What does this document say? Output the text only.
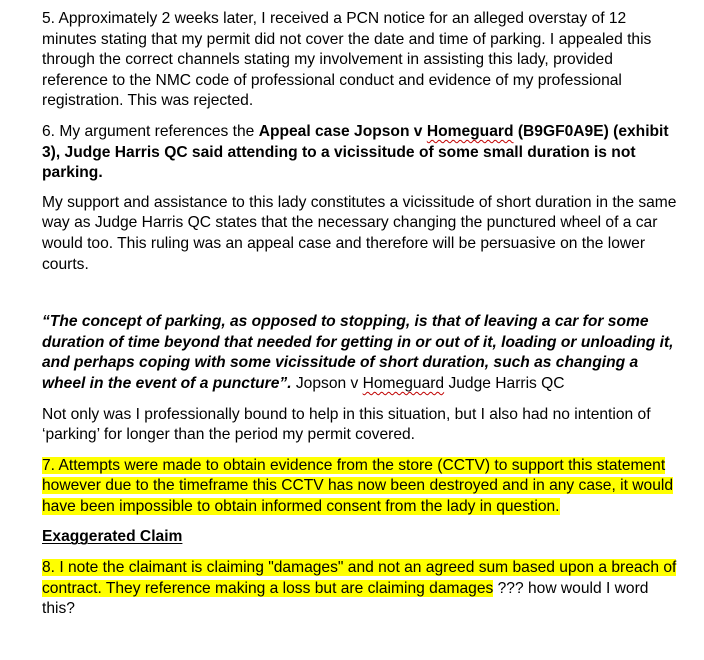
5. Approximately 2 weeks later, I received a PCN notice for an alleged overstay of 12 minutes stating that my permit did not cover the date and time of parking. I appealed this through the correct channels stating my involvement in assisting this lady, provided reference to the NMC code of professional conduct and evidence of my professional registration. This was rejected.

6. My argument references the Appeal case Jopson v Homeguard (B9GF0A9E) (exhibit 3), Judge Harris QC said attending to a vicissitude of some small duration is not parking.

My support and assistance to this lady constitutes a vicissitude of short duration in the same way as Judge Harris QC states that the necessary changing the punctured wheel of a car would too. This ruling was an appeal case and therefore will be persuasive on the lower courts.

“The concept of parking, as opposed to stopping, is that of leaving a car for some duration of time beyond that needed for getting in or out of it, loading or unloading it, and perhaps coping with some vicissitude of short duration, such as changing a wheel in the event of a puncture”. Jopson v Homeguard Judge Harris QC

Not only was I professionally bound to help in this situation, but I also had no intention of ‘parking’ for longer than the period my permit covered.

7. Attempts were made to obtain evidence from the store (CCTV) to support this statement however due to the timeframe this CCTV has now been destroyed and in any case, it would have been impossible to obtain informed consent from the lady in question.

Exaggerated Claim

8. I note the claimant is claiming "damages" and not an agreed sum based upon a breach of contract. They reference making a loss but are claiming damages ??? how would I word this?
